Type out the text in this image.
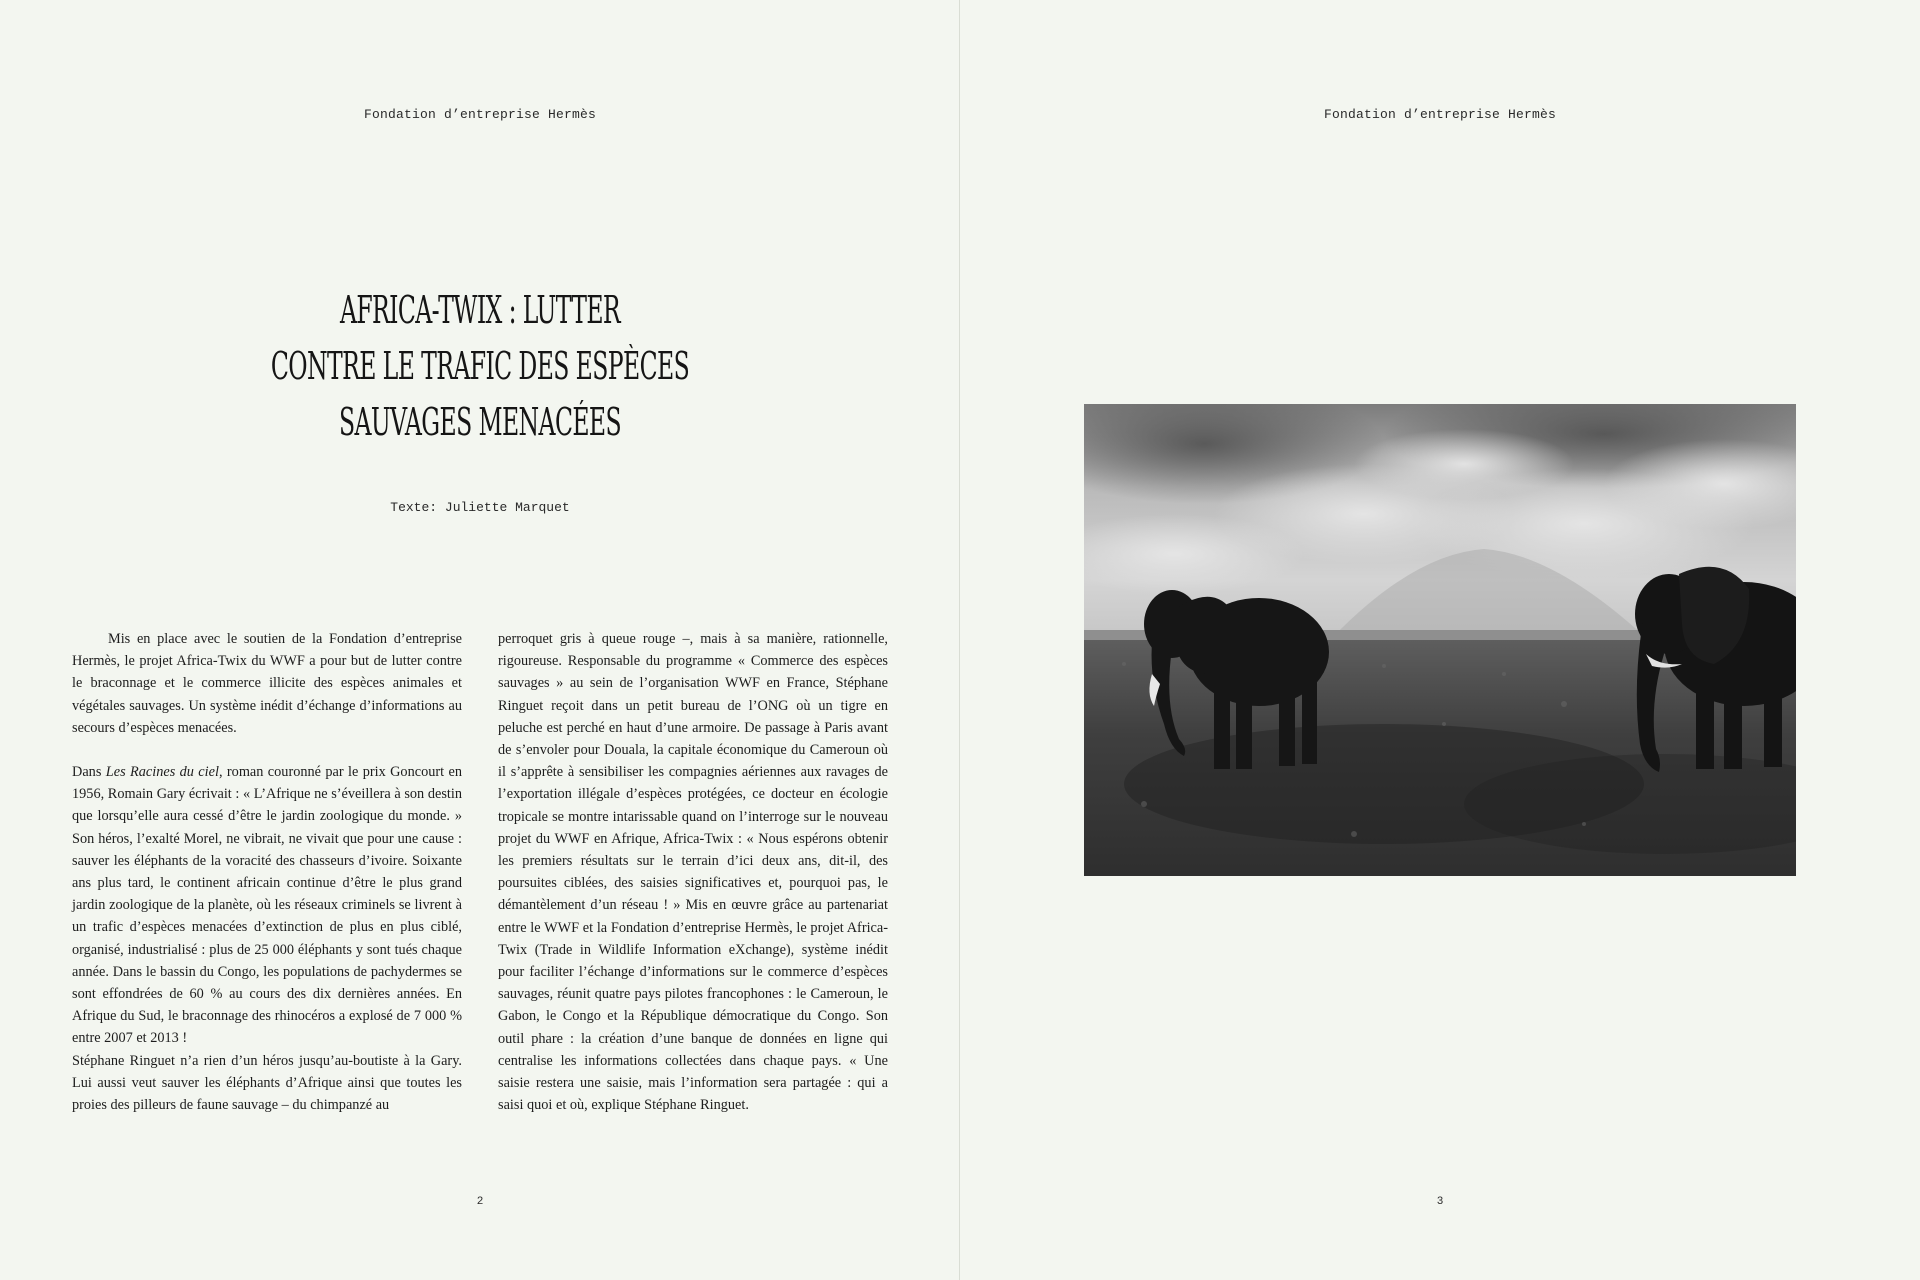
Fondation d’entreprise Hermès
AFRICA-TWIX : LUTTER
CONTRE LE TRAFIC DES ESPÈCES
SAUVAGES MENACÉES
Texte: Juliette Marquet

Mis en place avec le soutien de la Fondation d’entreprise Hermès, le projet Africa-Twix du WWF a pour but de lutter contre le braconnage et le commerce illicite des espèces animales et végétales sauvages. Un système inédit d’échange d’informations au secours d’espèces menacées.

Dans Les Racines du ciel, roman couronné par le prix Goncourt en 1956, Romain Gary écrivait : « L’Afrique ne s’éveillera à son destin que lorsqu’elle aura cessé d’être le jardin zoologique du monde. » Son héros, l’exalté Morel, ne vibrait, ne vivait que pour une cause : sauver les éléphants de la voracité des chasseurs d’ivoire. Soixante ans plus tard, le continent africain continue d’être le plus grand jardin zoologique de la planète, où les réseaux criminels se livrent à un trafic d’espèces menacées d’extinction de plus en plus ciblé, organisé, industrialisé : plus de 25 000 éléphants y sont tués chaque année. Dans le bassin du Congo, les populations de pachydermes se sont effondrées de 60 % au cours des dix dernières années. En Afrique du Sud, le braconnage des rhinocéros a explosé de 7 000 % entre 2007 et 2013 !

Stéphane Ringuet n’a rien d’un héros jusqu’au-boutiste à la Gary. Lui aussi veut sauver les éléphants d’Afrique ainsi que toutes les proies des pilleurs de faune sauvage – du chimpanzé au

perroquet gris à queue rouge –, mais à sa manière, rationnelle, rigoureuse. Responsable du programme « Commerce des espèces sauvages » au sein de l’organisation WWF en France, Stéphane Ringuet reçoit dans un petit bureau de l’ONG où un tigre en peluche est perché en haut d’une armoire. De passage à Paris avant de s’envoler pour Douala, la capitale économique du Cameroun où il s’apprête à sensibiliser les compagnies aériennes aux ravages de l’exportation illégale d’espèces protégées, ce docteur en écologie tropicale se montre intarissable quand on l’interroge sur le nouveau projet du WWF en Afrique, Africa-Twix : « Nous espérons obtenir les premiers résultats sur le terrain d’ici deux ans, dit-il, des poursuites ciblées, des saisies significatives et, pourquoi pas, le démantèlement d’un réseau ! » Mis en œuvre grâce au partenariat entre le WWF et la Fondation d’entreprise Hermès, le projet Africa-Twix (Trade in Wildlife Information eXchange), système inédit pour faciliter l’échange d’informations sur le commerce d’espèces sauvages, réunit quatre pays pilotes francophones : le Cameroun, le Gabon, le Congo et la République démocratique du Congo. Son outil phare : la création d’une banque de données en ligne qui centralise les informations collectées dans chaque pays. « Une saisie restera une saisie, mais l’information sera partagée : qui a saisi quoi et où, explique Stéphane Ringuet.

2
Fondation d’entreprise Hermès
3
